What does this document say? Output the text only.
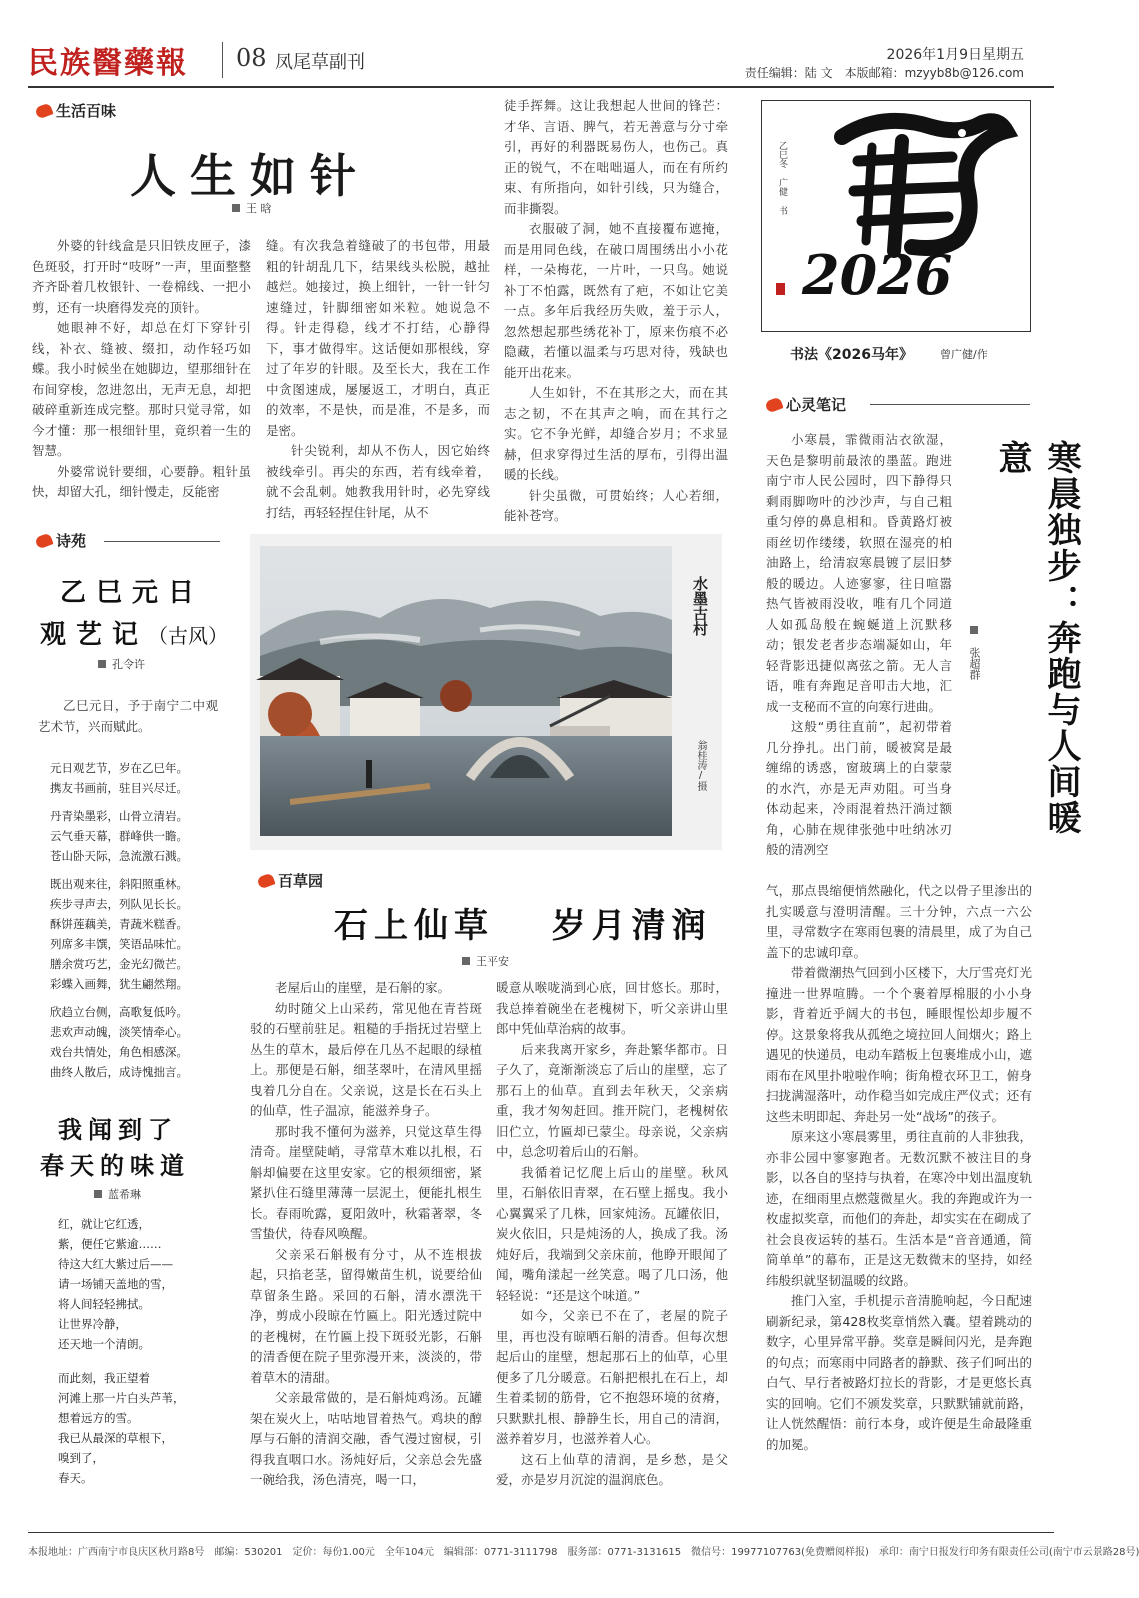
民族醫藥報 08 凤尾草副刊	2026年1月9日星期五
责任编辑：陆 文　本版邮箱：mzyyb8b@126.com
生活百味
人生如针
王 晗

外婆的针线盒是只旧铁皮匣子，漆色斑驳，打开时“吱呀”一声，里面整整齐齐卧着几枚银针、一卷棉线、一把小剪，还有一块磨得发亮的顶针。

她眼神不好，却总在灯下穿针引线，补衣、缝被、缀扣，动作轻巧如蝶。我小时候坐在她脚边，望那细针在布间穿梭，忽进忽出，无声无息，却把破碎重新连成完整。那时只觉寻常，如今才懂：那一根细针里，竟织着一生的智慧。

外婆常说针要细，心要静。粗针虽快，却留大孔，细针慢走，反能密

缝。有次我急着缝破了的书包带，用最粗的针胡乱几下，结果线头松脱，越扯越烂。她接过，换上细针，一针一针匀速缝过，针脚细密如米粒。她说急不得。针走得稳，线才不打结，心静得下，事才做得牢。这话便如那根线，穿过了年岁的针眼。及至长大，我在工作中贪图速成，屡屡返工，才明白，真正的效率，不是快，而是准，不是多，而是密。

针尖锐利，却从不伤人，因它始终被线牵引。再尖的东西，若有线牵着，就不会乱刺。她教我用针时，必先穿线打结，再轻轻捏住针尾，从不

徒手挥舞。这让我想起人世间的锋芒：才华、言语、脾气，若无善意与分寸牵引，再好的利器既易伤人，也伤己。真正的锐气，不在咄咄逼人，而在有所约束、有所指向，如针引线，只为缝合，而非撕裂。

衣服破了洞，她不直接覆布遮掩，而是用同色线，在破口周围绣出小小花样，一朵梅花，一片叶，一只鸟。她说补丁不怕露，既然有了疤，不如让它美一点。多年后我经历失败，羞于示人，忽然想起那些绣花补丁，原来伤痕不必隐藏，若懂以温柔与巧思对待，残缺也能开出花来。

人生如针，不在其形之大，而在其志之韧，不在其声之响，而在其行之实。它不争光鲜，却缝合岁月；不求显赫，但求穿得过生活的厚布，引得出温暖的长线。

针尖虽微，可贯始终；人心若细，能补苍穹。

2026
乙巳冬 广健 书
书法《2026马年》 曾广健/作
心灵笔记
寒晨独步：奔跑与人间暖意
张超群

小寒晨，霏微雨沾衣欲湿，天色是黎明前最浓的墨蓝。跑进南宁市人民公园时，四下静得只剩雨脚吻叶的沙沙声，与自己粗重匀停的鼻息相和。昏黄路灯被雨丝切作缕缕，软照在湿亮的柏油路上，给清寂寒晨镀了层旧梦般的暖边。人迹寥寥，往日喧嚣热气皆被雨没收，唯有几个同道人如孤岛般在蜿蜒道上沉默移动；银发老者步态端凝如山，年轻背影迅捷似离弦之箭。无人言语，唯有奔跑足音叩击大地，汇成一支秘而不宣的向寒行进曲。

这般“勇往直前”，起初带着几分挣扎。出门前，暖被窝是最缠绵的诱惑，窗玻璃上的白蒙蒙的水汽，亦是无声劝阻。可当身体动起来，冷雨混着热汗淌过额角，心肺在规律张弛中吐纳冰刃般的清冽空

气，那点畏缩便悄然融化，代之以骨子里渗出的扎实暖意与澄明清醒。三十分钟，六点一六公里，寻常数字在寒雨包裹的清晨里，成了为自己盖下的忠诚印章。

带着微潮热气回到小区楼下，大厅雪亮灯光撞进一世界喧腾。一个个裹着厚棉服的小小身影，背着近乎阔大的书包，睡眼惺忪却步履不停。这景象将我从孤绝之境拉回人间烟火；路上遇见的快递员，电动车踏板上包裹堆成小山，遮雨布在风里扑啦啦作响；街角橙衣环卫工，俯身扫拢满湿落叶，动作稳当如完成庄严仪式；还有这些未明即起、奔赴另一处“战场”的孩子。

原来这小寒晨雾里，勇往直前的人非独我，亦非公园中寥寥跑者。无数沉默不被注目的身影，以各自的坚持与执着，在寒冷中划出温度轨迹，在细雨里点燃蔻微星火。我的奔跑或许为一枚虚拟奖章，而他们的奔赴，却实实在在砌成了社会良夜运转的基石。生活本是“音音通通，简简单单”的幕布，正是这无数微末的坚持，如经纬般织就坚韧温暖的纹路。

推门入室，手机提示音清脆响起，今日配速刷新纪录，第428枚奖章悄然入囊。望着跳动的数字，心里异常平静。奖章是瞬间闪光，是奔跑的句点；而寒雨中同路者的静默、孩子们呵出的白气、早行者被路灯拉长的背影，才是更悠长真实的回响。它们不颁发奖章，只默默铺就前路，让人恍然醒悟：前行本身，或许便是生命最隆重的加冕。

诗苑
乙巳元日
观艺记（古风）
孔令许

乙巳元日，予于南宁二中观艺术节，兴而赋此。

元日观艺节，岁在乙巳年。

携友书画前，驻目兴尽迁。

丹青染墨彩，山骨立清岩。

云气垂天幕，群峰供一瞻。

苍山卧天际，急流激石溅。

既出观来往，斜阳照重林。

疾步寻声去，列队见长长。

酥饼莲藕美，青蔬米糕香。

列席多丰馔，笑语品味忙。

膳余赏巧艺，金光幻微芒。

彩蝶入画舞，犹生翩然翔。

欣趋立台侧，高歌复低吟。

悲欢声动魄，淡笑情牵心。

戏台共情处，角色相感深。

曲终人散后，成诗愧拙言。

我闻到了
春天的味道
蓝希琳

红，就让它红透，

紫，便任它紫逾……

待这大红大紫过后——

请一场铺天盖地的雪，

将人间轻轻拂拭。

让世界冷静，

还天地一个清朗。

而此刻，我正望着

河滩上那一片白头芦苇，

想着远方的雪。

我已从最深的草根下，

嗅到了，

春天。

水墨古村
翁桂涛/摄
百草园
石上仙草 岁月清润
王平安

老屋后山的崖壁，是石斛的家。

幼时随父上山采药，常见他在青苔斑驳的石壁前驻足。粗糙的手指抚过岩壁上丛生的草木，最后停在几丛不起眼的绿植上。那便是石斛，细茎翠叶，在清风里摇曳着几分自在。父亲说，这是长在石头上的仙草，性子温凉，能滋养身子。

那时我不懂何为滋养，只觉这草生得清奇。崖壁陡峭，寻常草木难以扎根，石斛却偏要在这里安家。它的根须细密，紧紧扒住石缝里薄薄一层泥土，便能扎根生长。春雨吮露，夏阳敛叶，秋霜著翠，冬雪蛰伏，待春风唤醒。

父亲采石斛极有分寸，从不连根拔起，只掐老茎，留得嫩苗生机，说要给仙草留条生路。采回的石斛，清水漂洗干净，剪成小段晾在竹匾上。阳光透过院中的老槐树，在竹匾上投下斑驳光影，石斛的清香便在院子里弥漫开来，淡淡的，带着草木的清甜。

父亲最常做的，是石斛炖鸡汤。瓦罐架在炭火上，咕咕地冒着热气。鸡块的醇厚与石斛的清润交融，香气漫过窗棂，引得我直咽口水。汤炖好后，父亲总会先盛一碗给我，汤色清亮，喝一口，

暖意从喉咙淌到心底，回甘悠长。那时，我总捧着碗坐在老槐树下，听父亲讲山里郎中凭仙草治病的故事。

后来我离开家乡，奔赴繁华都市。日子久了，竟渐渐淡忘了后山的崖壁，忘了那石上的仙草。直到去年秋天，父亲病重，我才匆匆赶回。推开院门，老槐树依旧伫立，竹匾却已蒙尘。母亲说，父亲病中，总念叨着后山的石斛。

我循着记忆爬上后山的崖壁。秋风里，石斛依旧青翠，在石壁上摇曳。我小心翼翼采了几株，回家炖汤。瓦罐依旧，炭火依旧，只是炖汤的人，换成了我。汤炖好后，我端到父亲床前，他睁开眼闻了闻，嘴角漾起一丝笑意。喝了几口汤，他轻轻说：“还是这个味道。”

如今，父亲已不在了，老屋的院子里，再也没有晾晒石斛的清香。但每次想起后山的崖壁，想起那石上的仙草，心里便多了几分暖意。石斛把根扎在石上，却生着柔韧的筋骨，它不抱怨环境的贫瘠，只默默扎根、静静生长，用自己的清润，滋养着岁月，也滋养着人心。

这石上仙草的清润，是乡愁，是父爱，亦是岁月沉淀的温润底色。

本报地址：广西南宁市良庆区秋月路8号　邮编：530201　定价：每份1.00元　全年104元　编辑部：0771-3111798　服务部：0771-3131615　微信号：19977107763(免费赠阅样报)　承印：南宁日报发行印务有限责任公司(南宁市云景路28号)
